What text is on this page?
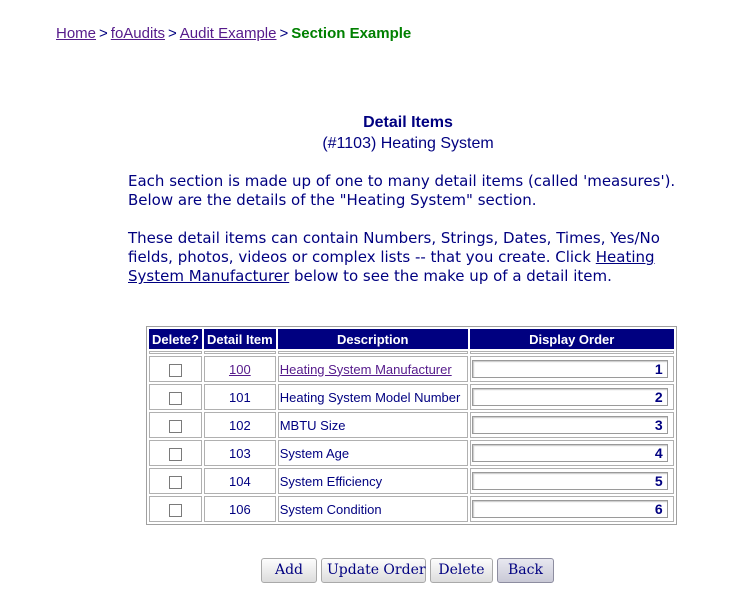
Home > foAudits > Audit Example > Section Example
Detail Items
(#1103) Heating System

Each section is made up of one to many detail items (called 'measures'). Below are the details of the "Heating System" section.

These detail items can contain Numbers, Strings, Dates, Times, Yes/No fields, photos, videos or complex lists -- that you create. Click Heating System Manufacturer below to see the make up of a detail item.

Delete?	Detail Item	Description	Display Order

	100	Heating System Manufacturer	1
	101	Heating System Model Number	2
	102	MBTU Size	3
	103	System Age	4
	104	System Efficiency	5
	106	System Condition	6
Add Update Order Delete Back
